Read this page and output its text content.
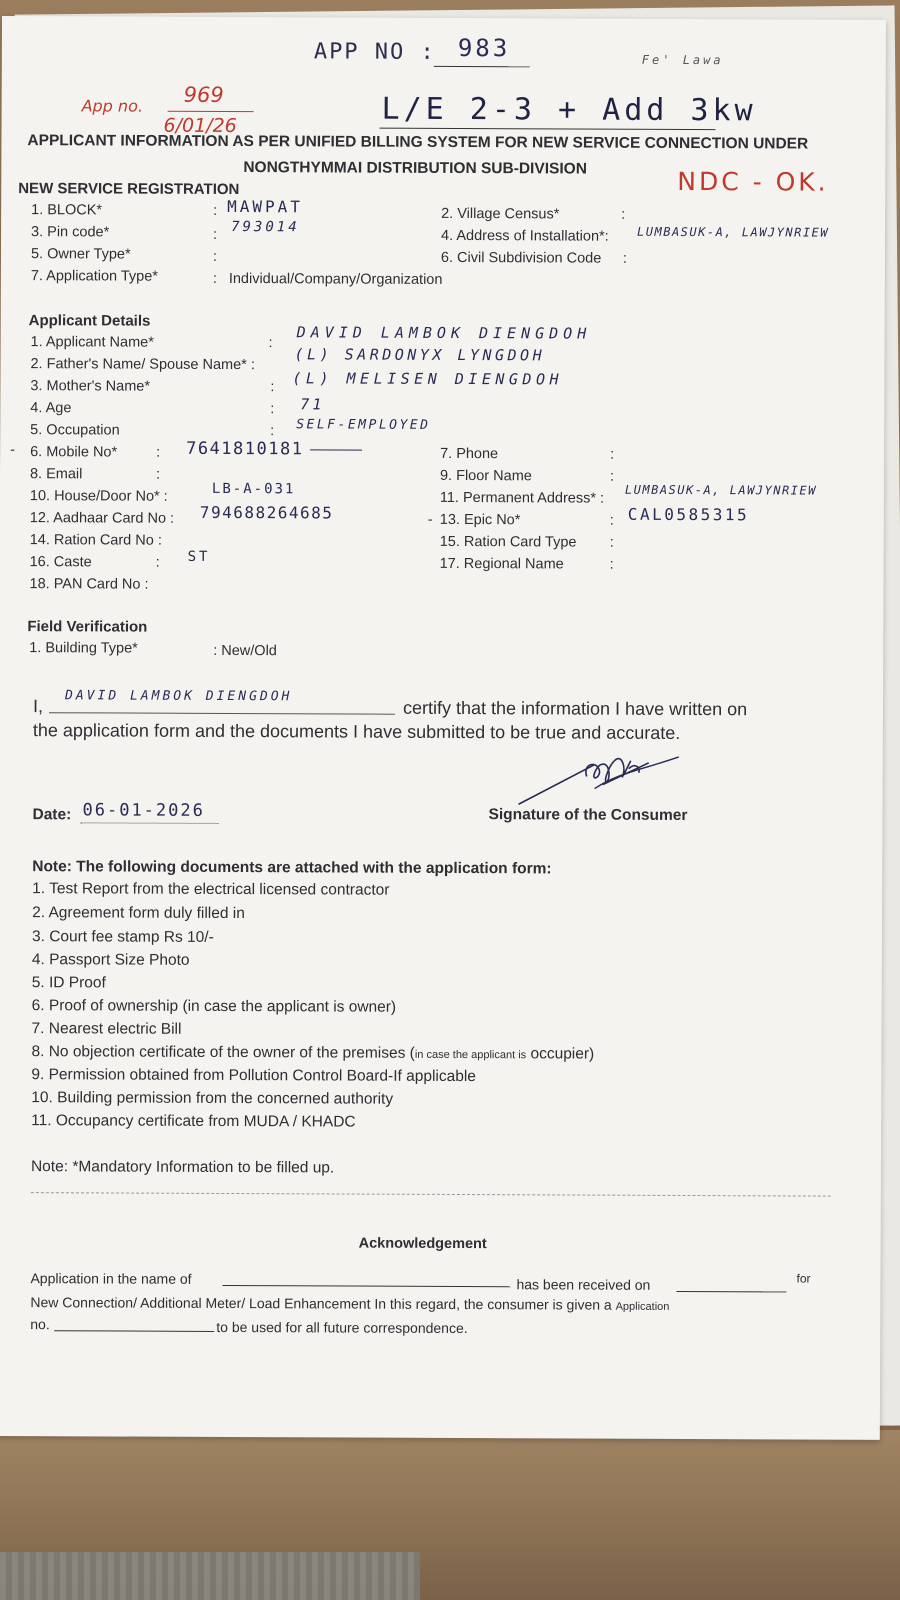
APP NO : 983	Fe' Lawa
App no. 969
6/01/26	L/E 2-3 + Add 3kw
APPLICANT INFORMATION AS PER UNIFIED BILLING SYSTEM FOR NEW SERVICE CONNECTION UNDER
NONGTHYMMAI DISTRIBUTION SUB-DIVISION	NDC - OK.
NEW SERVICE REGISTRATION
1. BLOCK*	: MAWPAT	2. Village Census*	:
3. Pin code*	: 793014
4. Address of Installation*: LUMBASUK-A, LAWJYNRIEW
5. Owner Type*	:	6. Civil Subdivision Code :
7. Application Type*	: Individual/Company/Organization
Applicant Details
1. Applicant Name*	:
DAVID LAMBOK DIENGDOH
2. Father's Name/ Spouse Name* :
(L) SARDONYX LYNGDOH
3. Mother's Name*	: (L) MELISEN DIENGDOH
4. Age	: 71
5. Occupation	: SELF-EMPLOYED
- 6. Mobile No*	: 7641810181	7. Phone	:
8. Email	:	9. Floor Name	:
10. House/Door No* :	LB-A-031
11. Permanent Address* : LUMBASUK-A, LAWJYNRIEW
12. Aadhaar Card No : 794688264685	- 13. Epic No*	: CAL0585315
14. Ration Card No :	15. Ration Card Type :
16. Caste	: ST	17. Regional Name	:
18. PAN Card No :
Field Verification
1. Building Type*	: New/Old
I, DAVID LAMBOK DIENGDOH
certify that the information I have written on
the application form and the documents I have submitted to be true and accurate.
Date: 06-01-2026	Signature of the Consumer
Note: The following documents are attached with the application form:
1. Test Report from the electrical licensed contractor
2. Agreement form duly filled in
3. Court fee stamp Rs 10/-
4. Passport Size Photo
5. ID Proof
6. Proof of ownership (in case the applicant is owner)
7. Nearest electric Bill
8. No objection certificate of the owner of the premises (in case the applicant is occupier)
9. Permission obtained from Pollution Control Board-If applicable
10. Building permission from the concerned authority
11. Occupancy certificate from MUDA / KHADC
Note: *Mandatory Information to be filled up.
Acknowledgement
Application in the name of	has been received on	for
New Connection/ Additional Meter/ Load Enhancement In this regard, the consumer is given a Application
no.	to be used for all future correspondence.
